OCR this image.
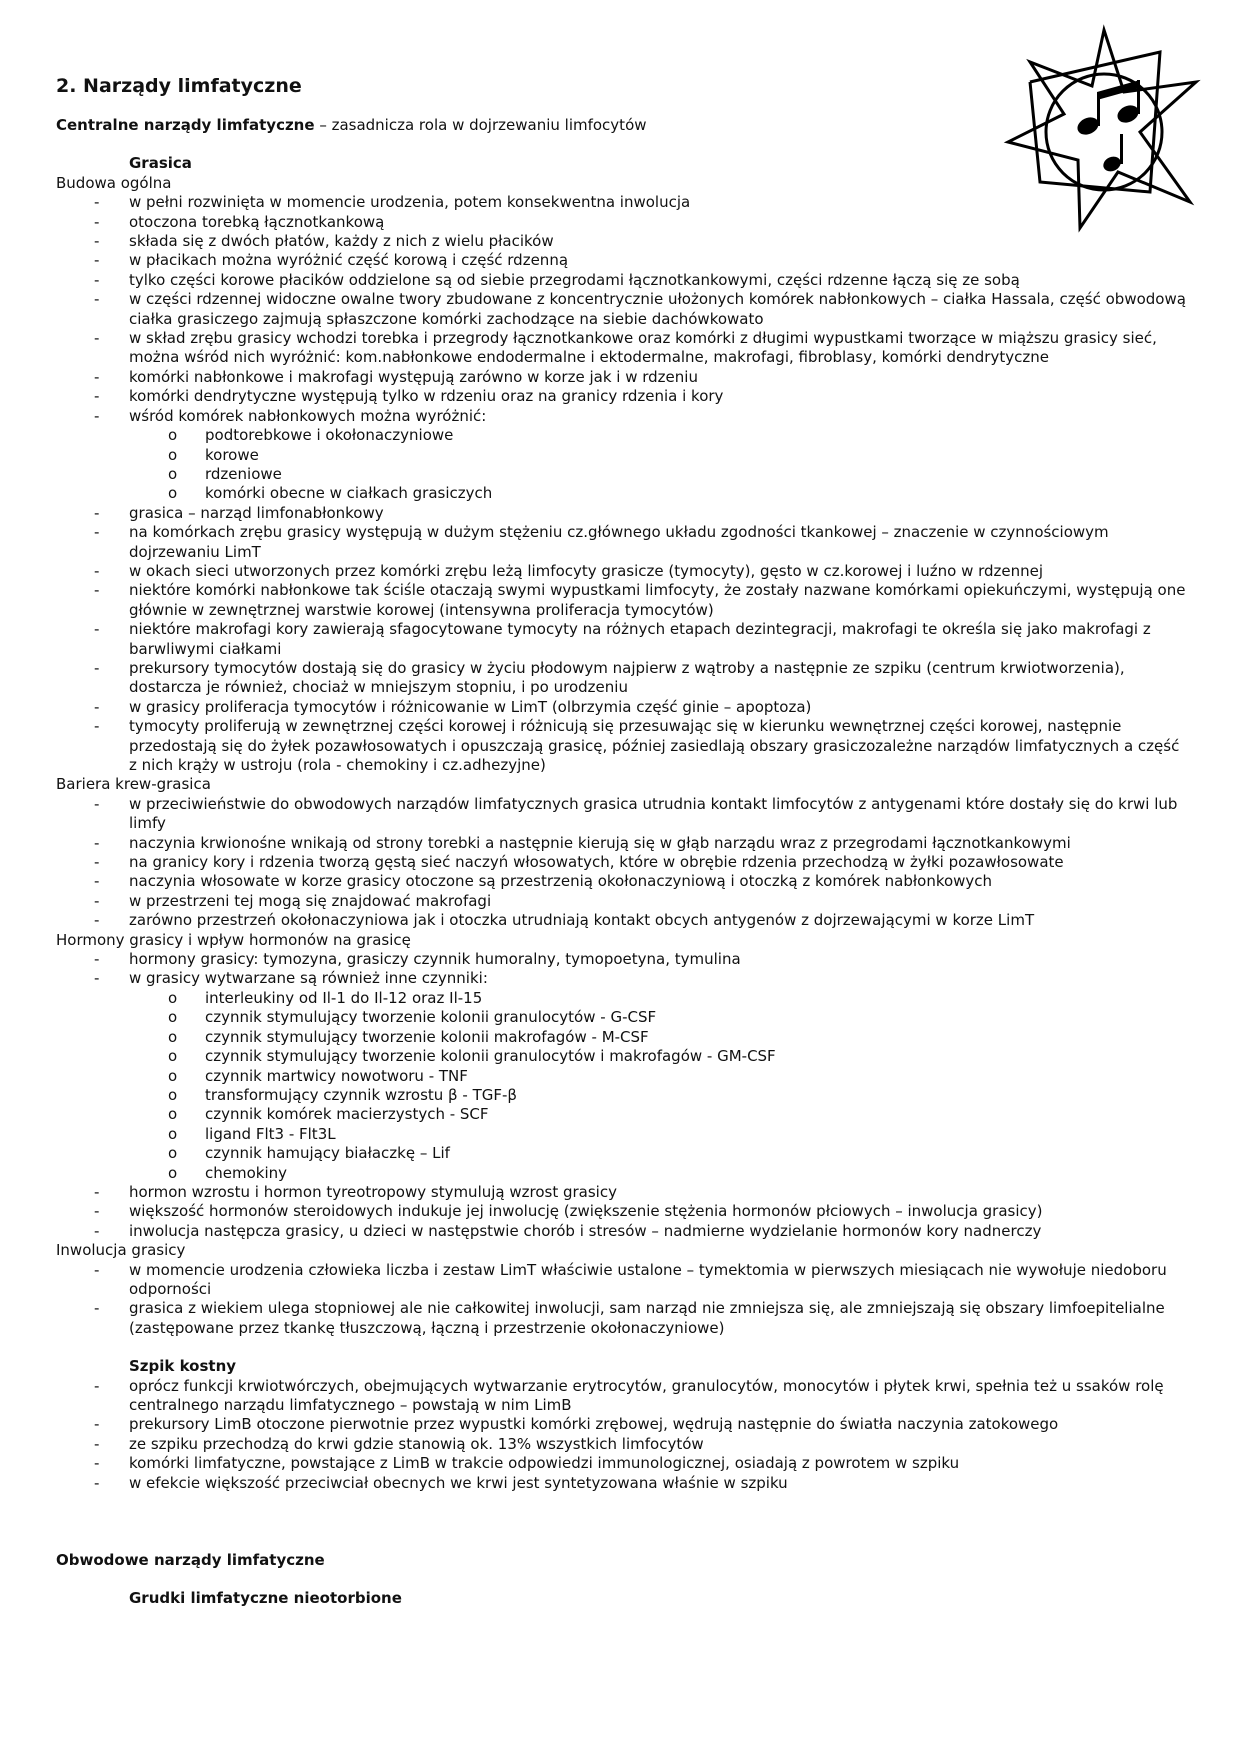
2. Narządy limfatyczne
Centralne narządy limfatyczne – zasadnicza rola w dojrzewaniu limfocytów
Grasica
Budowa ogólna
- w pełni rozwinięta w momencie urodzenia, potem konsekwentna inwolucja
- otoczona torebką łącznotkankową
- składa się z dwóch płatów, każdy z nich z wielu płacików
- w płacikach można wyróżnić część korową i część rdzenną
- tylko części korowe płacików oddzielone są od siebie przegrodami łącznotkankowymi, części rdzenne łączą się ze sobą
- w części rdzennej widoczne owalne twory zbudowane z koncentrycznie ułożonych komórek nabłonkowych – ciałka Hassala, część obwodową ciałka grasiczego zajmują spłaszczone komórki zachodzące na siebie dachówkowato
- w skład zrębu grasicy wchodzi torebka i przegrody łącznotkankowe oraz komórki z długimi wypustkami tworzące w miąższu grasicy sieć, można wśród nich wyróżnić: kom.nabłonkowe endodermalne i ektodermalne, makrofagi, fibroblasy, komórki dendrytyczne
- komórki nabłonkowe i makrofagi występują zarówno w korze jak i w rdzeniu
- komórki dendrytyczne występują tylko w rdzeniu oraz na granicy rdzenia i kory
- wśród komórek nabłonkowych można wyróżnić:
o podtorebkowe i okołonaczyniowe
o korowe
o rdzeniowe
o komórki obecne w ciałkach grasiczych
- grasica – narząd limfonabłonkowy
- na komórkach zrębu grasicy występują w dużym stężeniu cz.głównego układu zgodności tkankowej – znaczenie w czynnościowym dojrzewaniu LimT
- w okach sieci utworzonych przez komórki zrębu leżą limfocyty grasicze (tymocyty), gęsto w cz.korowej i luźno w rdzennej
- niektóre komórki nabłonkowe tak ściśle otaczają swymi wypustkami limfocyty, że zostały nazwane komórkami opiekuńczymi, występują one głównie w zewnętrznej warstwie korowej (intensywna proliferacja tymocytów)
- niektóre makrofagi kory zawierają sfagocytowane tymocyty na różnych etapach dezintegracji, makrofagi te określa się jako makrofagi z barwliwymi ciałkami
- prekursory tymocytów dostają się do grasicy w życiu płodowym najpierw z wątroby a następnie ze szpiku (centrum krwiotworzenia), dostarcza je również, chociaż w mniejszym stopniu, i po urodzeniu
- w grasicy proliferacja tymocytów i różnicowanie w LimT (olbrzymia część ginie – apoptoza)
- tymocyty proliferują w zewnętrznej części korowej i różnicują się przesuwając się w kierunku wewnętrznej części korowej, następnie przedostają się do żyłek pozawłosowatych i opuszczają grasicę, później zasiedlają obszary grasiczozależne narządów limfatycznych a część z nich krąży w ustroju (rola - chemokiny i cz.adhezyjne)
Bariera krew-grasica
- w przeciwieństwie do obwodowych narządów limfatycznych grasica utrudnia kontakt limfocytów z antygenami które dostały się do krwi lub limfy
- naczynia krwionośne wnikają od strony torebki a następnie kierują się w głąb narządu wraz z przegrodami łącznotkankowymi
- na granicy kory i rdzenia tworzą gęstą sieć naczyń włosowatych, które w obrębie rdzenia przechodzą w żyłki pozawłosowate
- naczynia włosowate w korze grasicy otoczone są przestrzenią okołonaczyniową i otoczką z komórek nabłonkowych
- w przestrzeni tej mogą się znajdować makrofagi
- zarówno przestrzeń okołonaczyniowa jak i otoczka utrudniają kontakt obcych antygenów z dojrzewającymi w korze LimT
Hormony grasicy i wpływ hormonów na grasicę
- hormony grasicy: tymozyna, grasiczy czynnik humoralny, tymopoetyna, tymulina
- w grasicy wytwarzane są również inne czynniki:
o interleukiny od Il-1 do Il-12 oraz Il-15
o czynnik stymulujący tworzenie kolonii granulocytów - G-CSF
o czynnik stymulujący tworzenie kolonii makrofagów - M-CSF
o czynnik stymulujący tworzenie kolonii granulocytów i makrofagów - GM-CSF
o czynnik martwicy nowotworu - TNF
o transformujący czynnik wzrostu β - TGF-β
o czynnik komórek macierzystych - SCF
o ligand Flt3 - Flt3L
o czynnik hamujący białaczkę – Lif
o chemokiny
- hormon wzrostu i hormon tyreotropowy stymulują wzrost grasicy
- większość hormonów steroidowych indukuje jej inwolucję (zwiększenie stężenia hormonów płciowych – inwolucja grasicy)
- inwolucja następcza grasicy, u dzieci w następstwie chorób i stresów – nadmierne wydzielanie hormonów kory nadnerczy
Inwolucja grasicy
- w momencie urodzenia człowieka liczba i zestaw LimT właściwie ustalone – tymektomia w pierwszych miesiącach nie wywołuje niedoboru odporności
- grasica z wiekiem ulega stopniowej ale nie całkowitej inwolucji, sam narząd nie zmniejsza się, ale zmniejszają się obszary limfoepitelialne (zastępowane przez tkankę tłuszczową, łączną i przestrzenie okołonaczyniowe)
Szpik kostny
- oprócz funkcji krwiotwórczych, obejmujących wytwarzanie erytrocytów, granulocytów, monocytów i płytek krwi, spełnia też u ssaków rolę centralnego narządu limfatycznego – powstają w nim LimB
- prekursory LimB otoczone pierwotnie przez wypustki komórki zrębowej, wędrują następnie do światła naczynia zatokowego
- ze szpiku przechodzą do krwi gdzie stanowią ok. 13% wszystkich limfocytów
- komórki limfatyczne, powstające z LimB w trakcie odpowiedzi immunologicznej, osiadają z powrotem w szpiku
- w efekcie większość przeciwciał obecnych we krwi jest syntetyzowana właśnie w szpiku
Obwodowe narządy limfatyczne
Grudki limfatyczne nieotorbione
